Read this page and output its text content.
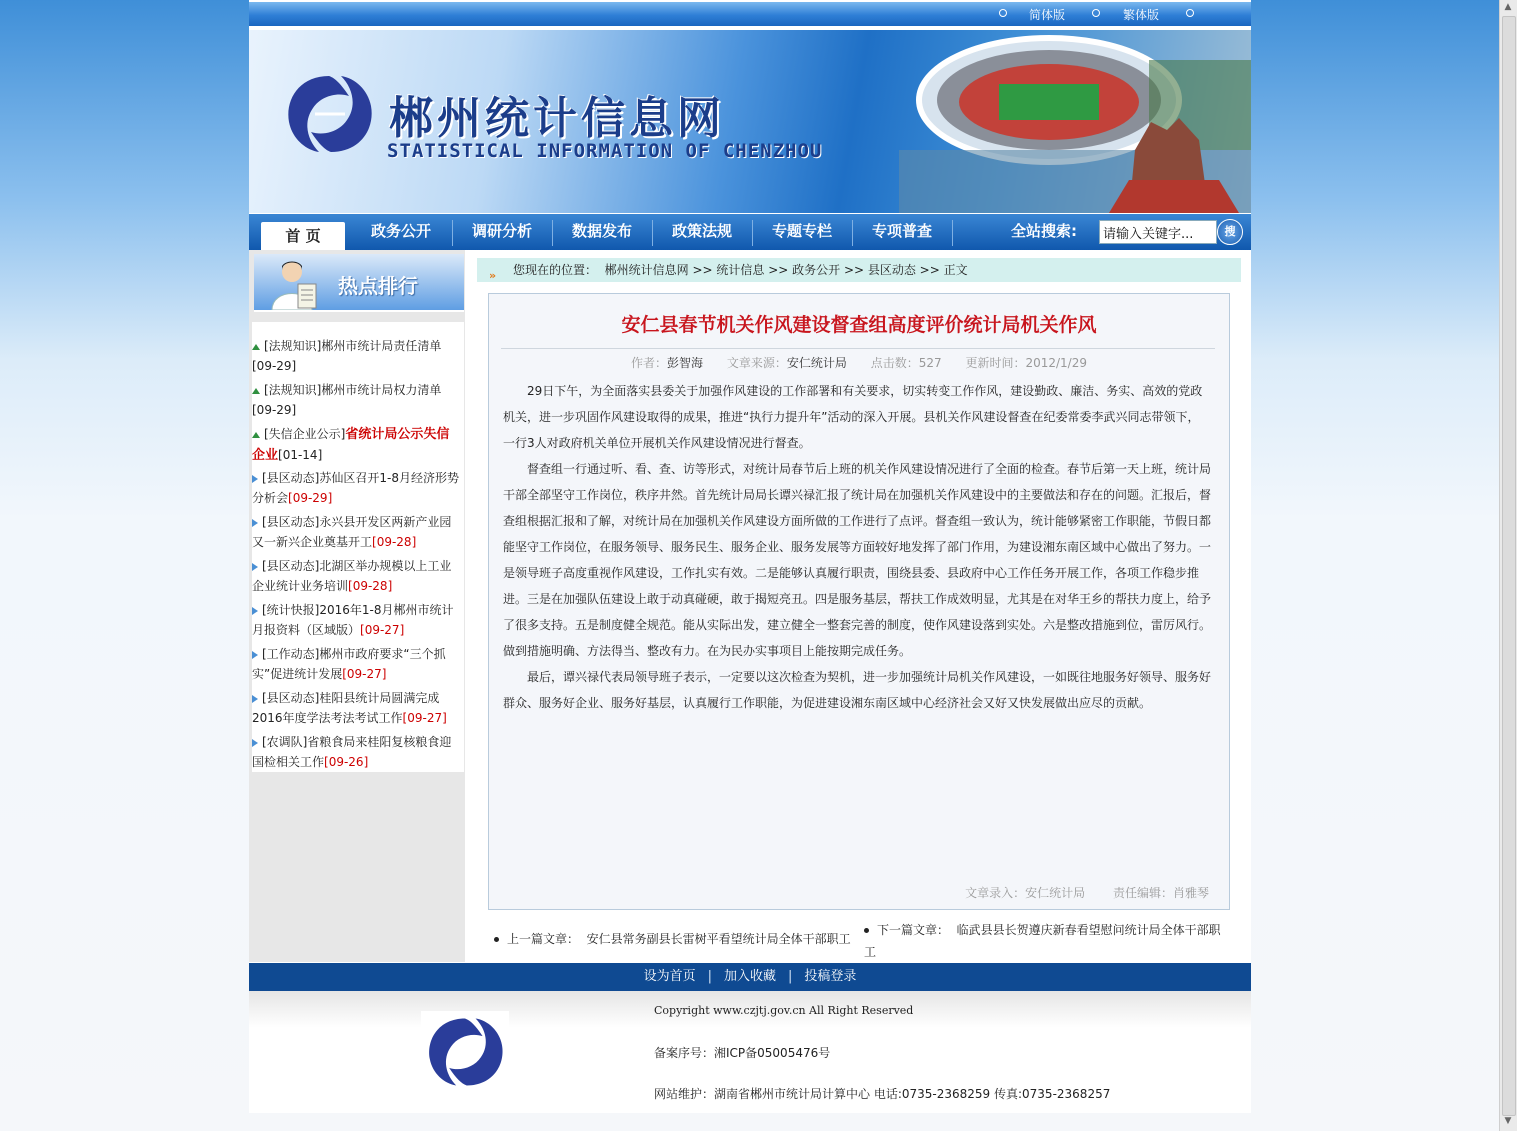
▲
▼
简体版	繁体版
郴州统计信息网
STATISTICAL INFORMATION OF CHENZHOU
首 页	政务公开	调研分析	数据发布	政策法规	专题专栏	专项普查	全站搜索:
请输入关键字...	搜
热点排行
[法规知识]郴州市统计局责任清单
[09-29]
[法规知识]郴州市统计局权力清单
[09-29]
[失信企业公示]省统计局公示失信企业[01-14]
[县区动态]苏仙区召开1-8月经济形势分析会[09-29]
[县区动态]永兴县开发区两新产业园又一新兴企业奠基开工[09-28]
[县区动态]北湖区举办规模以上工业企业统计业务培训[09-28]
[统计快报]2016年1-8月郴州市统计月报资料（区域版）[09-27]
[工作动态]郴州市政府要求“三个抓实”促进统计发展[09-27]
[县区动态]桂阳县统计局圆满完成2016年度学法考法考试工作[09-27]
[农调队]省粮食局来桂阳复核粮食迎国检相关工作[09-26]
» 您现在的位置： 郴州统计信息网 >> 统计信息 >> 政务公开 >> 县区动态 >> 正文
安仁县春节机关作风建设督查组高度评价统计局机关作风
作者：彭智海 文章来源：安仁统计局 点击数：527 更新时间：2012/1/29

29日下午，为全面落实县委关于加强作风建设的工作部署和有关要求，切实转变工作作风，建设勤政、廉洁、务实、高效的党政机关，进一步巩固作风建设取得的成果，推进“执行力提升年”活动的深入开展。县机关作风建设督查在纪委常委李武兴同志带领下，一行3人对政府机关单位开展机关作风建设情况进行督查。

督查组一行通过听、看、查、访等形式，对统计局春节后上班的机关作风建设情况进行了全面的检查。春节后第一天上班，统计局干部全部坚守工作岗位，秩序井然。首先统计局局长谭兴禄汇报了统计局在加强机关作风建设中的主要做法和存在的问题。汇报后，督查组根据汇报和了解，对统计局在加强机关作风建设方面所做的工作进行了点评。督查组一致认为，统计能够紧密工作职能，节假日都能坚守工作岗位，在服务领导、服务民生、服务企业、服务发展等方面较好地发挥了部门作用，为建设湘东南区域中心做出了努力。一是领导班子高度重视作风建设，工作扎实有效。二是能够认真履行职责，围绕县委、县政府中心工作任务开展工作，各项工作稳步推进。三是在加强队伍建设上敢于动真碰硬，敢于揭短亮丑。四是服务基层，帮扶工作成效明显，尤其是在对华王乡的帮扶力度上，给予了很多支持。五是制度健全规范。能从实际出发，建立健全一整套完善的制度，使作风建设落到实处。六是整改措施到位，雷厉风行。做到措施明确、方法得当、整改有力。在为民办实事项目上能按期完成任务。

最后，谭兴禄代表局领导班子表示，一定要以这次检查为契机，进一步加强统计局机关作风建设，一如既往地服务好领导、服务好群众、服务好企业、服务好基层，认真履行工作职能，为促进建设湘东南区域中心经济社会又好又快发展做出应尽的贡献。

文章录入：安仁统计局 责任编辑：肖雅琴
上一篇文章： 安仁县常务副县长雷树平看望统计局全体干部职工
下一篇文章： 临武县县长贺遵庆新春看望慰问统计局全体干部职工
设为首页 | 加入收藏 | 投稿登录
Copyright www.czjtj.gov.cn All Right Reserved
备案序号：湘ICP备05005476号
网站维护：湖南省郴州市统计局计算中心 电话:0735-2368259 传真:0735-2368257
